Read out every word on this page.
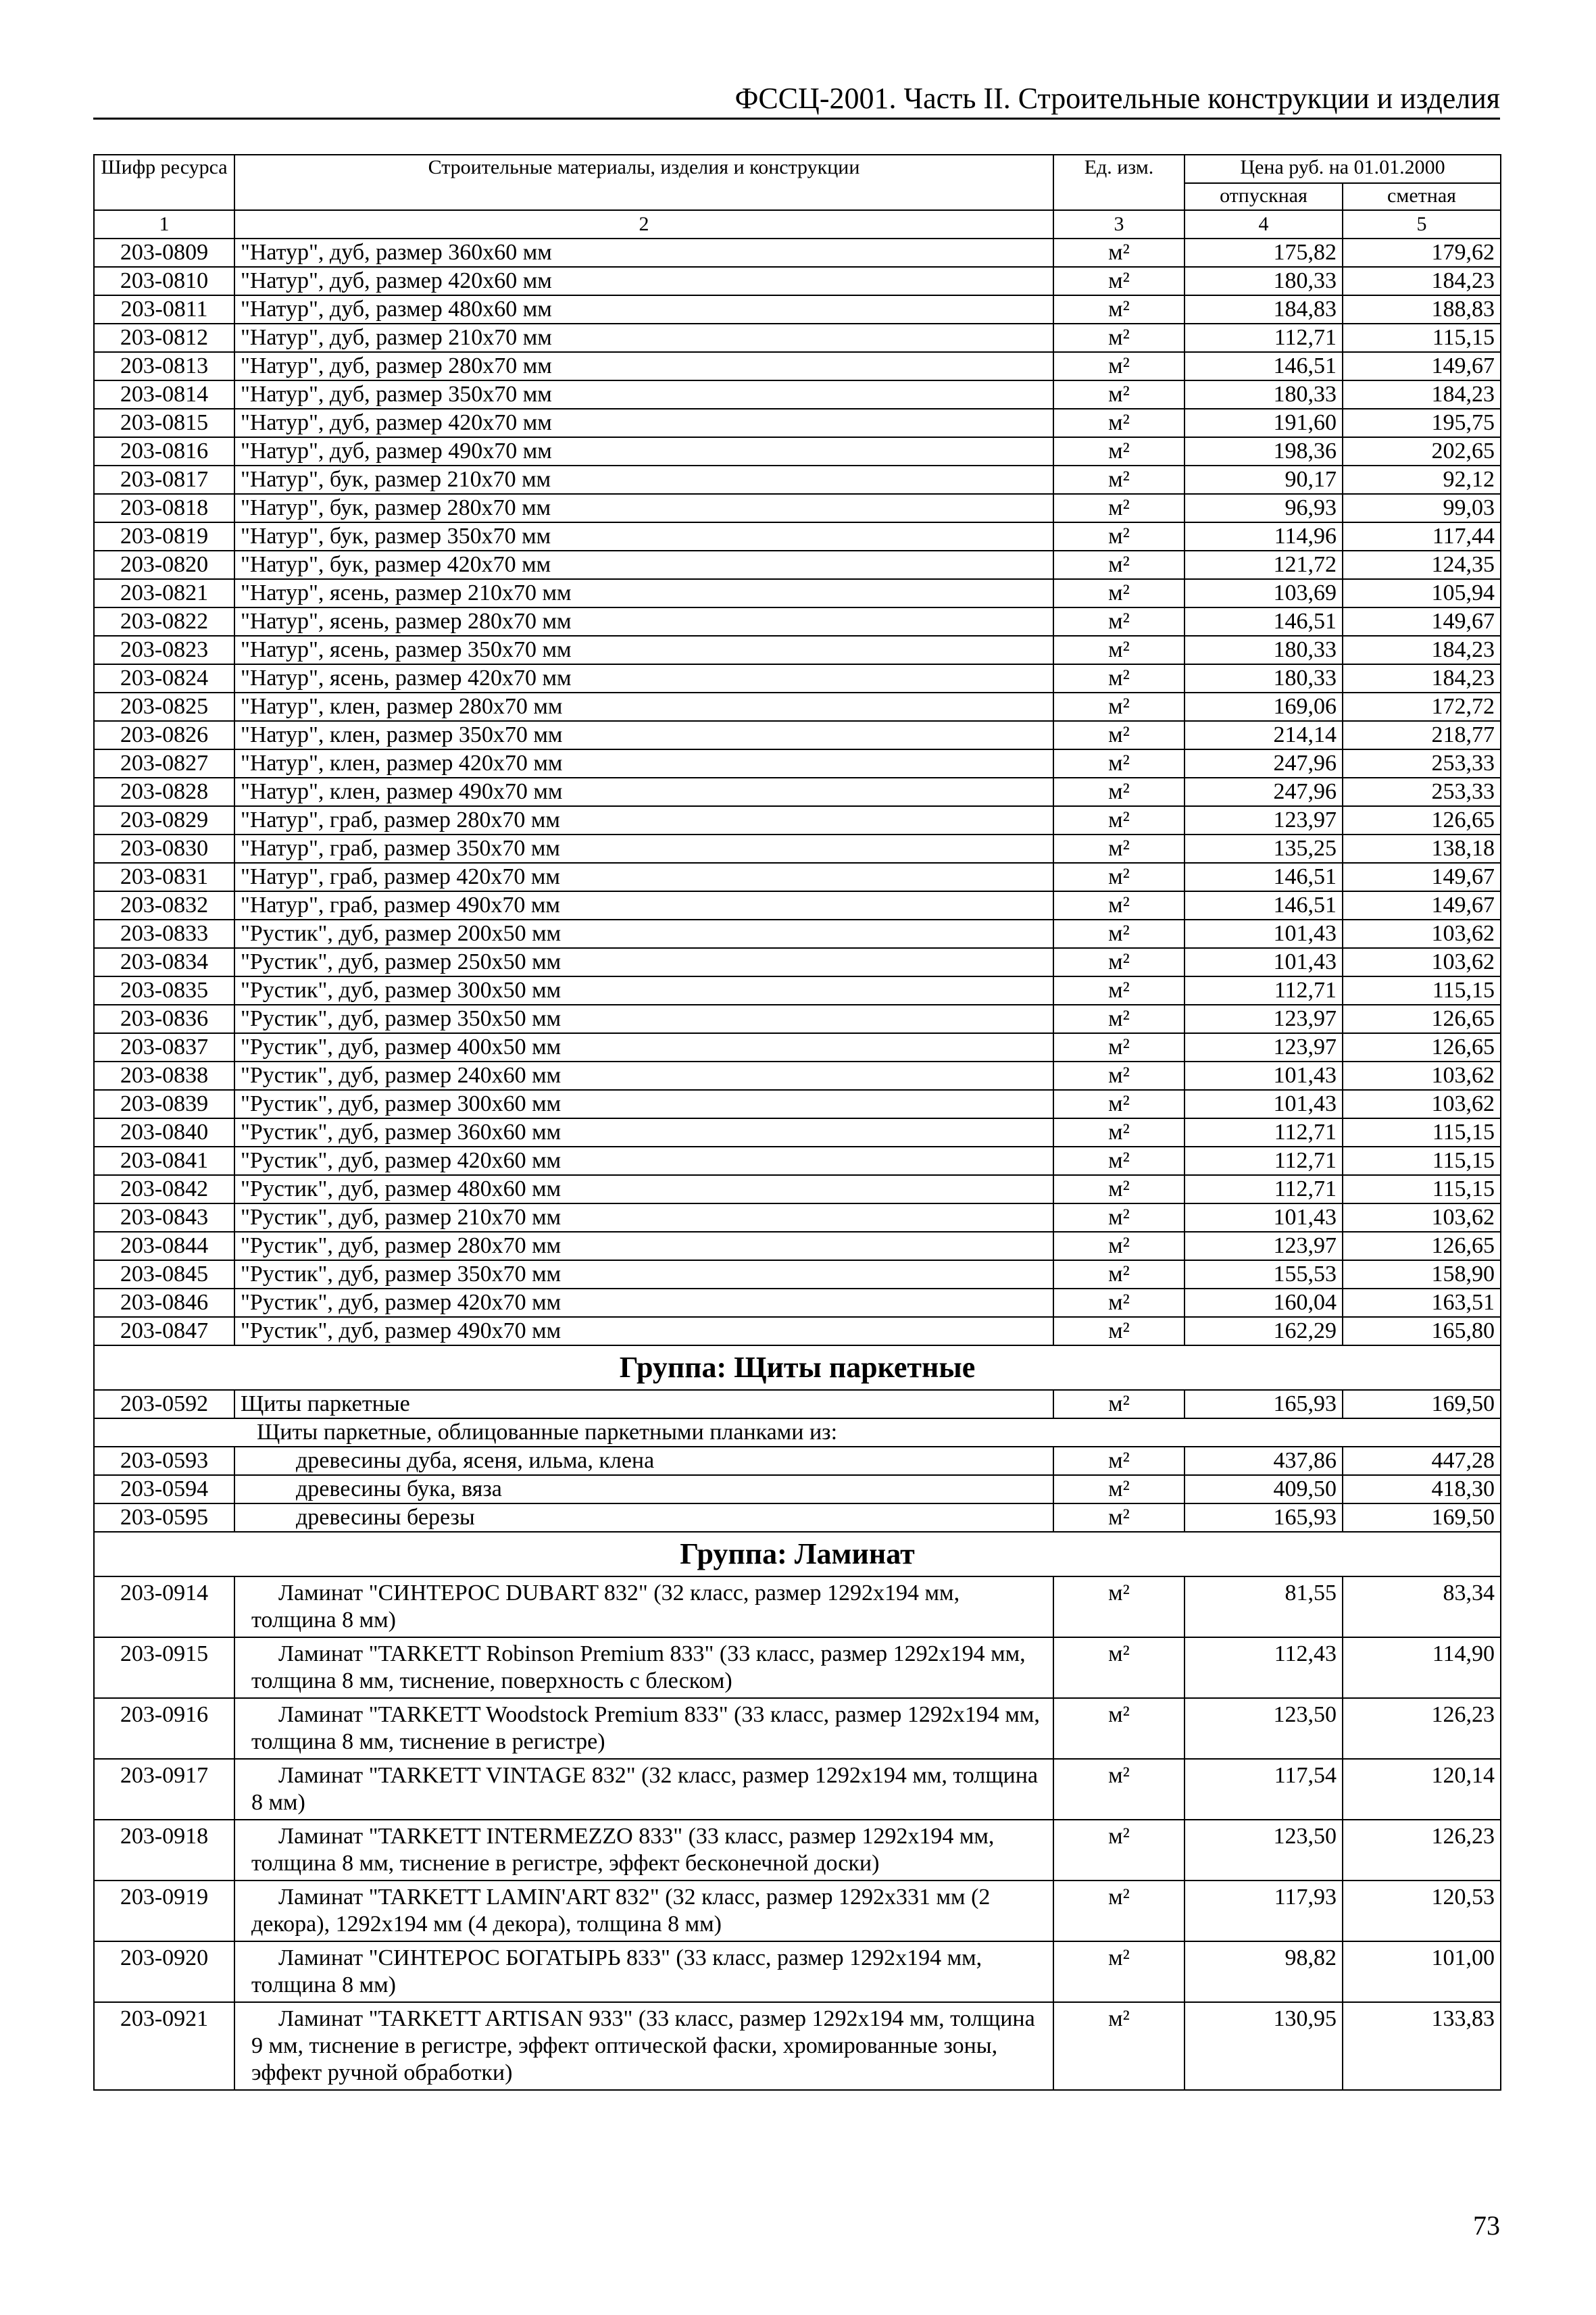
ФССЦ-2001. Часть II. Строительные конструкции и изделия
Шифр ресурса	Строительные материалы, изделия и конструкции	Ед. изм.	Цена руб. на 01.01.2000	
			отпускная	сметная
1	2	3	4	5
203-0809	"Натур", дуб, размер 360х60 мм	м²	175,82	179,62
203-0810	"Натур", дуб, размер 420х60 мм	м²	180,33	184,23
203-0811	"Натур", дуб, размер 480х60 мм	м²	184,83	188,83
203-0812	"Натур", дуб, размер 210х70 мм	м²	112,71	115,15
203-0813	"Натур", дуб, размер 280х70 мм	м²	146,51	149,67
203-0814	"Натур", дуб, размер 350х70 мм	м²	180,33	184,23
203-0815	"Натур", дуб, размер 420х70 мм	м²	191,60	195,75
203-0816	"Натур", дуб, размер 490х70 мм	м²	198,36	202,65
203-0817	"Натур", бук, размер 210х70 мм	м²	90,17	92,12
203-0818	"Натур", бук, размер 280х70 мм	м²	96,93	99,03
203-0819	"Натур", бук, размер 350х70 мм	м²	114,96	117,44
203-0820	"Натур", бук, размер 420х70 мм	м²	121,72	124,35
203-0821	"Натур", ясень, размер 210х70 мм	м²	103,69	105,94
203-0822	"Натур", ясень, размер 280х70 мм	м²	146,51	149,67
203-0823	"Натур", ясень, размер 350х70 мм	м²	180,33	184,23
203-0824	"Натур", ясень, размер 420х70 мм	м²	180,33	184,23
203-0825	"Натур", клен, размер 280х70 мм	м²	169,06	172,72
203-0826	"Натур", клен, размер 350х70 мм	м²	214,14	218,77
203-0827	"Натур", клен, размер 420х70 мм	м²	247,96	253,33
203-0828	"Натур", клен, размер 490х70 мм	м²	247,96	253,33
203-0829	"Натур", граб, размер 280х70 мм	м²	123,97	126,65
203-0830	"Натур", граб, размер 350х70 мм	м²	135,25	138,18
203-0831	"Натур", граб, размер 420х70 мм	м²	146,51	149,67
203-0832	"Натур", граб, размер 490х70 мм	м²	146,51	149,67
203-0833	"Рустик", дуб, размер 200х50 мм	м²	101,43	103,62
203-0834	"Рустик", дуб, размер 250х50 мм	м²	101,43	103,62
203-0835	"Рустик", дуб, размер 300х50 мм	м²	112,71	115,15
203-0836	"Рустик", дуб, размер 350х50 мм	м²	123,97	126,65
203-0837	"Рустик", дуб, размер 400х50 мм	м²	123,97	126,65
203-0838	"Рустик", дуб, размер 240х60 мм	м²	101,43	103,62
203-0839	"Рустик", дуб, размер 300х60 мм	м²	101,43	103,62
203-0840	"Рустик", дуб, размер 360х60 мм	м²	112,71	115,15
203-0841	"Рустик", дуб, размер 420х60 мм	м²	112,71	115,15
203-0842	"Рустик", дуб, размер 480х60 мм	м²	112,71	115,15
203-0843	"Рустик", дуб, размер 210х70 мм	м²	101,43	103,62
203-0844	"Рустик", дуб, размер 280х70 мм	м²	123,97	126,65
203-0845	"Рустик", дуб, размер 350х70 мм	м²	155,53	158,90
203-0846	"Рустик", дуб, размер 420х70 мм	м²	160,04	163,51
203-0847	"Рустик", дуб, размер 490х70 мм	м²	162,29	165,80
Группа: Щиты паркетные				
203-0592	Щиты паркетные	м²	165,93	169,50
Щиты паркетные, облицованные паркетными планками из:				
203-0593	древесины дуба, ясеня, ильма, клена	м²	437,86	447,28
203-0594	древесины бука, вяза	м²	409,50	418,30
203-0595	древесины березы	м²	165,93	169,50
Группа: Ламинат				
203-0914	Ламинат "СИНТЕРОС DUBART 832" (32 класс, размер 1292х194 мм, толщина 8 мм)	м²	81,55	83,34
203-0915	Ламинат "TARKETT Robinson Premium 833" (33 класс, размер 1292х194 мм, толщина 8 мм, тиснение, поверхность с блеском)	м²	112,43	114,90
203-0916	Ламинат "TARKETT Woodstock Premium 833" (33 класс, размер 1292х194 мм, толщина 8 мм, тиснение в регистре)	м²	123,50	126,23
203-0917	Ламинат "TARKETT VINTAGE 832" (32 класс, размер 1292х194 мм, толщина 8 мм)	м²	117,54	120,14
203-0918	Ламинат "TARKETT INTERMEZZO 833" (33 класс, размер 1292х194 мм, толщина 8 мм, тиснение в регистре, эффект бесконечной доски)	м²	123,50	126,23
203-0919	Ламинат "TARKETT LAMIN'ART 832" (32 класс, размер 1292х331 мм (2 декора), 1292х194 мм (4 декора), толщина 8 мм)	м²	117,93	120,53
203-0920	Ламинат "СИНТЕРОС БОГАТЫРЬ 833" (33 класс, размер 1292х194 мм, толщина 8 мм)	м²	98,82	101,00
203-0921	Ламинат "TARKETT ARTISAN 933" (33 класс, размер 1292х194 мм, толщина 9 мм, тиснение в регистре, эффект оптической фаски, хромированные зоны, эффект ручной обработки)	м²	130,95	133,83
73
